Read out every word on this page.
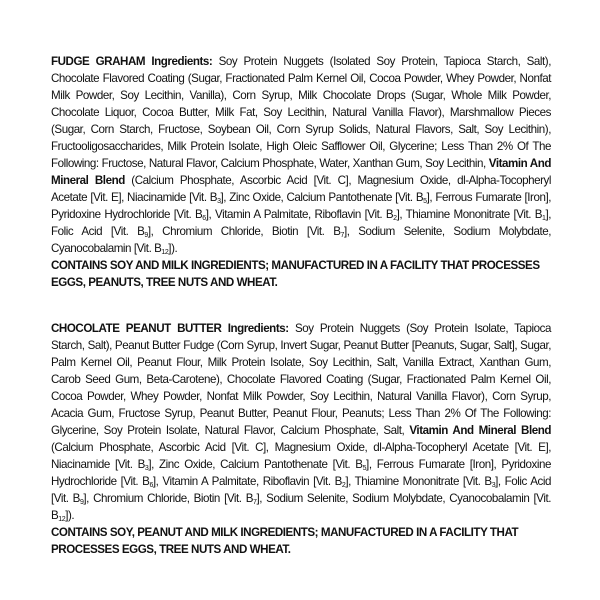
FUDGE GRAHAM Ingredients: Soy Protein Nuggets (Isolated Soy Protein, Tapioca Starch, Salt), Chocolate Flavored Coating (Sugar, Fractionated Palm Kernel Oil, Cocoa Powder, Whey Powder, Nonfat Milk Powder, Soy Lecithin, Vanilla), Corn Syrup, Milk Chocolate Drops (Sugar, Whole Milk Powder, Chocolate Liquor, Cocoa Butter, Milk Fat, Soy Lecithin, Natural Vanilla Flavor), Marshmallow Pieces (Sugar, Corn Starch, Fructose, Soybean Oil, Corn Syrup Solids, Natural Flavors, Salt, Soy Lecithin), Fructooligosaccharides, Milk Protein Isolate, High Oleic Safflower Oil, Glycerine; Less Than 2% Of The Following: Fructose, Natural Flavor, Calcium Phosphate, Water, Xanthan Gum, Soy Lecithin, Vitamin And Mineral Blend (Calcium Phosphate, Ascorbic Acid [Vit. C], Magnesium Oxide, dl-Alpha-Tocopheryl Acetate [Vit. E], Niacinamide [Vit. $B_3$], Zinc Oxide, Calcium Pantothenate [Vit. $B_5$], Ferrous Fumarate [Iron], Pyridoxine Hydrochloride [Vit. $B_6$], Vitamin A Palmitate, Riboflavin [Vit. $B_2$], Thiamine Mononitrate [Vit. $B_1$], Folic Acid [Vit. $B_9$], Chromium Chloride, Biotin [Vit. $B_7$], Sodium Selenite, Sodium Molybdate, Cyanocobalamin [Vit. $B_{12}$]).
CONTAINS SOY AND MILK INGREDIENTS; MANUFACTURED IN A FACILITY THAT PROCESSES EGGS, PEANUTS, TREE NUTS AND WHEAT.
CHOCOLATE PEANUT BUTTER Ingredients: Soy Protein Nuggets (Soy Protein Isolate, Tapioca Starch, Salt), Peanut Butter Fudge (Corn Syrup, Invert Sugar, Peanut Butter [Peanuts, Sugar, Salt], Sugar, Palm Kernel Oil, Peanut Flour, Milk Protein Isolate, Soy Lecithin, Salt, Vanilla Extract, Xanthan Gum, Carob Seed Gum, Beta-Carotene), Chocolate Flavored Coating (Sugar, Fractionated Palm Kernel Oil, Cocoa Powder, Whey Powder, Nonfat Milk Powder, Soy Lecithin, Natural Vanilla Flavor), Corn Syrup, Acacia Gum, Fructose Syrup, Peanut Butter, Peanut Flour, Peanuts; Less Than 2% Of The Following: Glycerine, Soy Protein Isolate, Natural Flavor, Calcium Phosphate, Salt, Vitamin And Mineral Blend (Calcium Phosphate, Ascorbic Acid [Vit. C], Magnesium Oxide, dl-Alpha-Tocopheryl Acetate [Vit. E], Niacinamide [Vit. $B_3$], Zinc Oxide, Calcium Pantothenate [Vit. $B_5$], Ferrous Fumarate [Iron], Pyridoxine Hydrochloride [Vit. $B_6$], Vitamin A Palmitate, Riboflavin [Vit. $B_2$], Thiamine Mononitrate [Vit. $B_3$], Folic Acid [Vit. $B_9$], Chromium Chloride, Biotin [Vit. $B_7$], Sodium Selenite, Sodium Molybdate, Cyanocobalamin [Vit. $B_{12}$]).
CONTAINS SOY, PEANUT AND MILK INGREDIENTS; MANUFACTURED IN A FACILITY THAT PROCESSES EGGS, TREE NUTS AND WHEAT.
